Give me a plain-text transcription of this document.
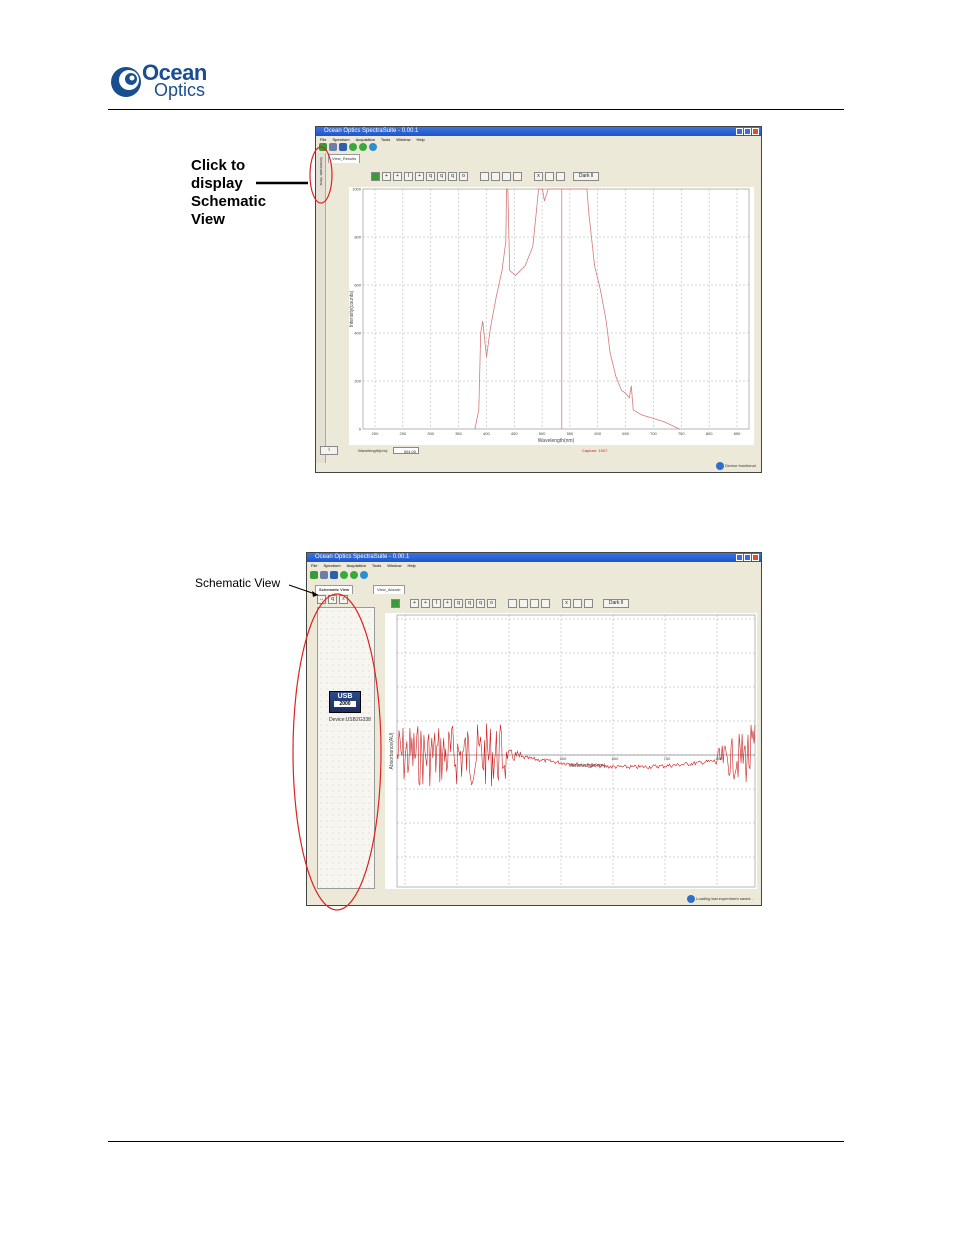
Ocean
Optics
Ocean Optics SpectraSuite - 0.00.1
File Spectrum Acquisition Tools Window Help
Schematic View	View_Results
+	+	I	+	q	q	q	o	x	Dark ll
200	250	300	350	400	450	500	550	600	650	700	750	800	850
1000
800
600
400
200
0
Wavelength(nm)
Intensity(counts)
i	Wavelength(nm):	504.00	Capture: 1007
Device functional
Click to
display
Schematic
View
Ocean Optics SpectraSuite - 0.00.1
File Spectrum Acquisition Tools Window Help
Schematic View
↔	q	x
USB
2000
Device:USB2G338
View_Absorb
+	+	I	+	q	q	q	o	x	Dark ll
500	600	700	800
Wavelength(nm)
Absorbance(AU)
Loading last experiment saved...
Schematic View
